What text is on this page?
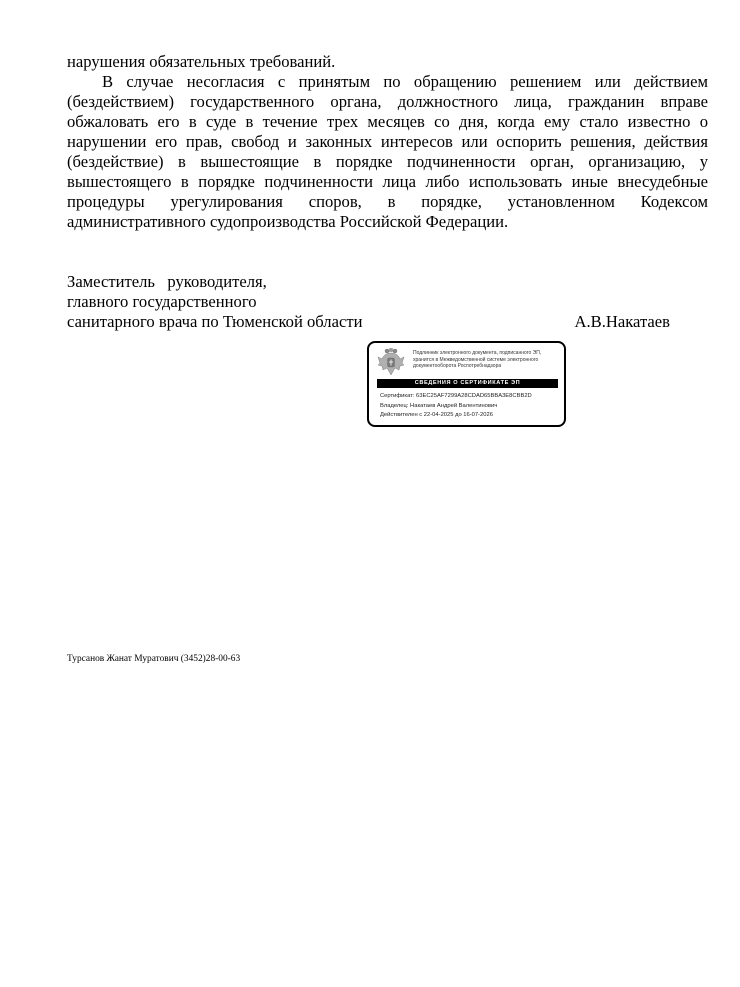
нарушения обязательных требований.

В случае несогласия с принятым по обращению решением или действием (бездействием) государственного органа, должностного лица, гражданин вправе обжаловать его в суде в течение трех месяцев со дня, когда ему стало известно о нарушении его прав, свобод и законных интересов или оспорить решения, действия (бездействие) в вышестоящие в порядке подчиненности орган, организацию, у вышестоящего в порядке подчиненности лица либо использовать иные внесудебные процедуры урегулирования споров, в порядке, установленном Кодексом административного судопроизводства Российской Федерации.

Заместитель   руководителя,
главного государственного
санитарного врача по Тюменской области	А.В.Накатаев
Подлинник электронного документа, подписанного ЭП, хранится в Межведомственной системе электронного документооборота Роспотребнадзора
СВЕДЕНИЯ О СЕРТИФИКАТЕ ЭП
Сертификат: 63EC25AF7299A28CDAD65BBA3E8CBB2D
Владелец: Накатаев Андрей Валентинович
Действителен с 22-04-2025 до 16-07-2026
Турсанов Жанат Муратович (3452)28-00-63
